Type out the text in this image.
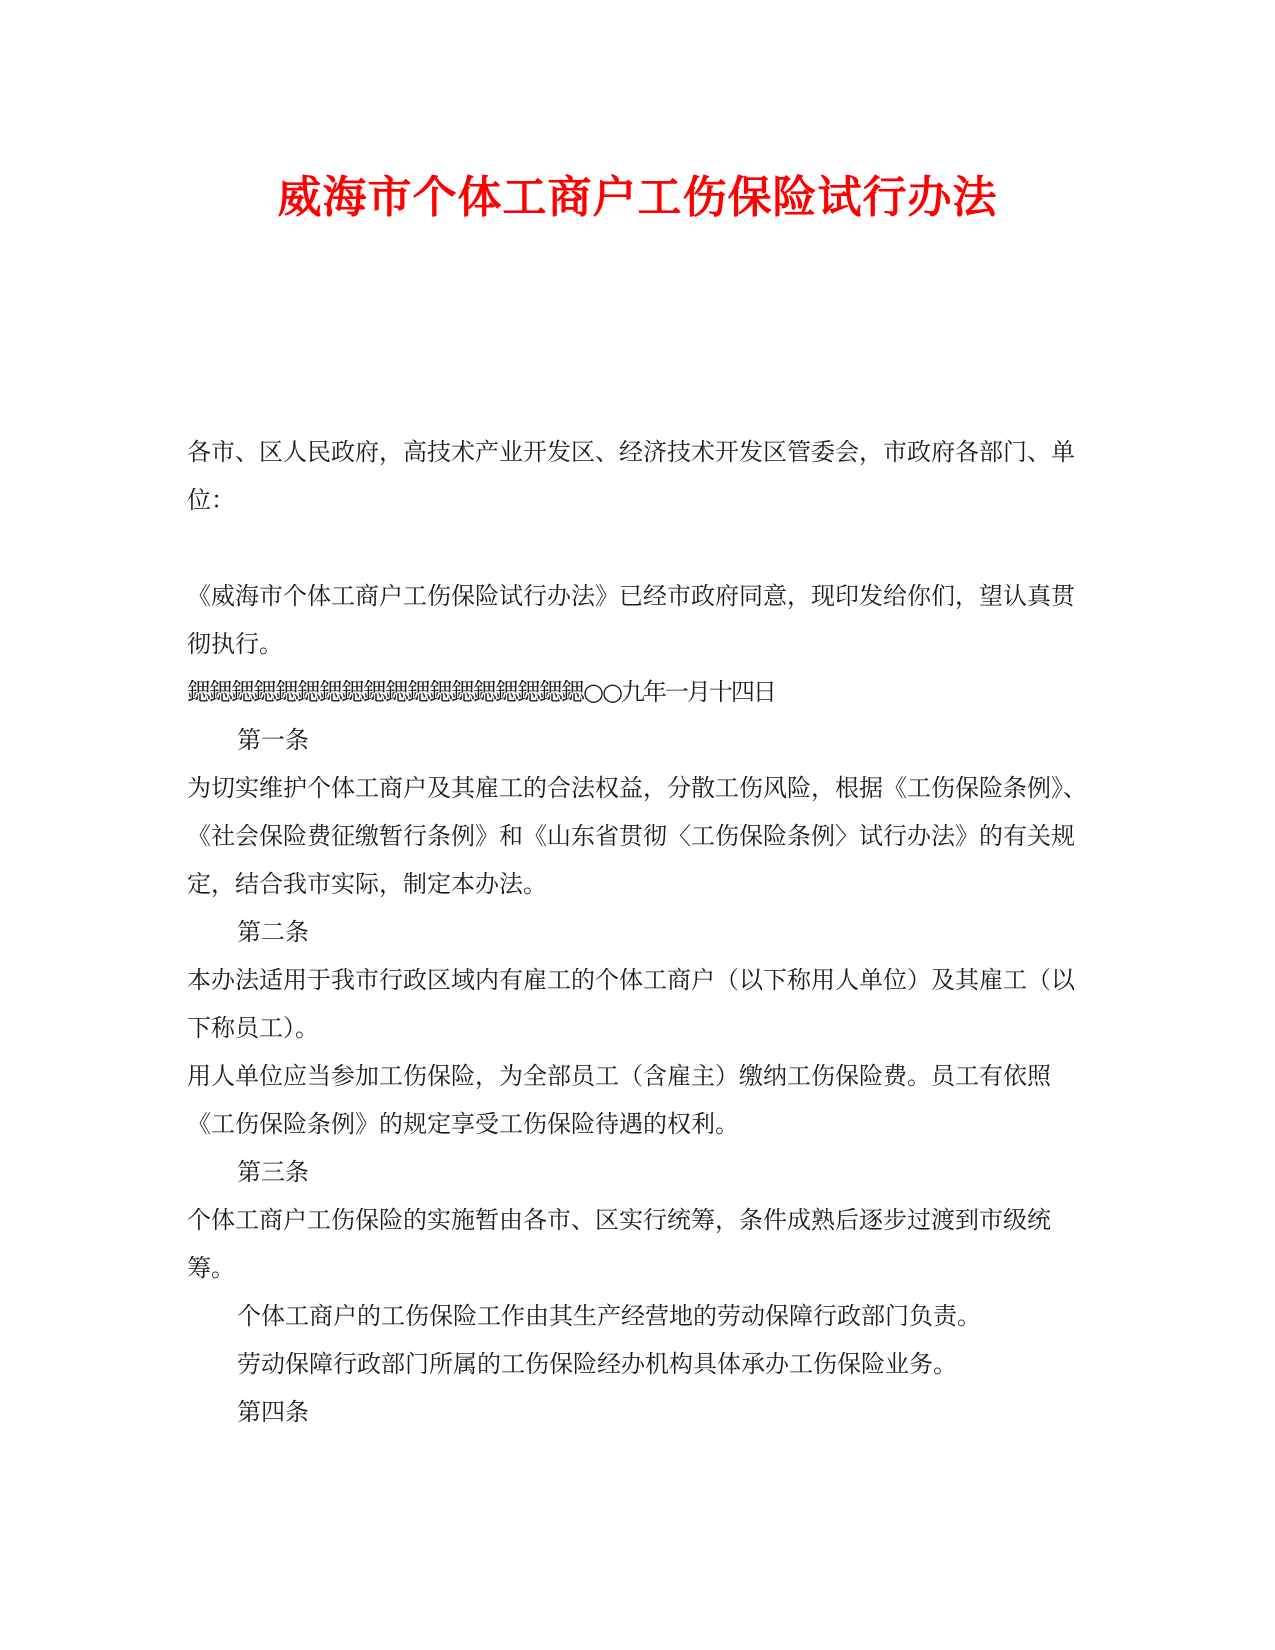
威海市个体工商户工伤保险试行办法

各市、区人民政府，高技术产业开发区、经济技术开发区管委会，市政府各部门、单位：

《威海市个体工商户工伤保险试行办法》已经市政府同意，现印发给你们，望认真贯彻执行。

鍶鍶鍶鍶鍶鍶鍶鍶鍶鍶鍶鍶鍶鍶鍶鍶鍶鍶○○九年一月十四日

第一条

为切实维护个体工商户及其雇工的合法权益，分散工伤风险，根据《工伤保险条例》、《社会保险费征缴暂行条例》和《山东省贯彻〈工伤保险条例〉试行办法》的有关规定，结合我市实际，制定本办法。

第二条

本办法适用于我市行政区域内有雇工的个体工商户（以下称用人单位）及其雇工（以下称员工）。

用人单位应当参加工伤保险，为全部员工（含雇主）缴纳工伤保险费。员工有依照《工伤保险条例》的规定享受工伤保险待遇的权利。

第三条

个体工商户工伤保险的实施暂由各市、区实行统筹，条件成熟后逐步过渡到市级统筹。

个体工商户的工伤保险工作由其生产经营地的劳动保障行政部门负责。

劳动保障行政部门所属的工伤保险经办机构具体承办工伤保险业务。

第四条
